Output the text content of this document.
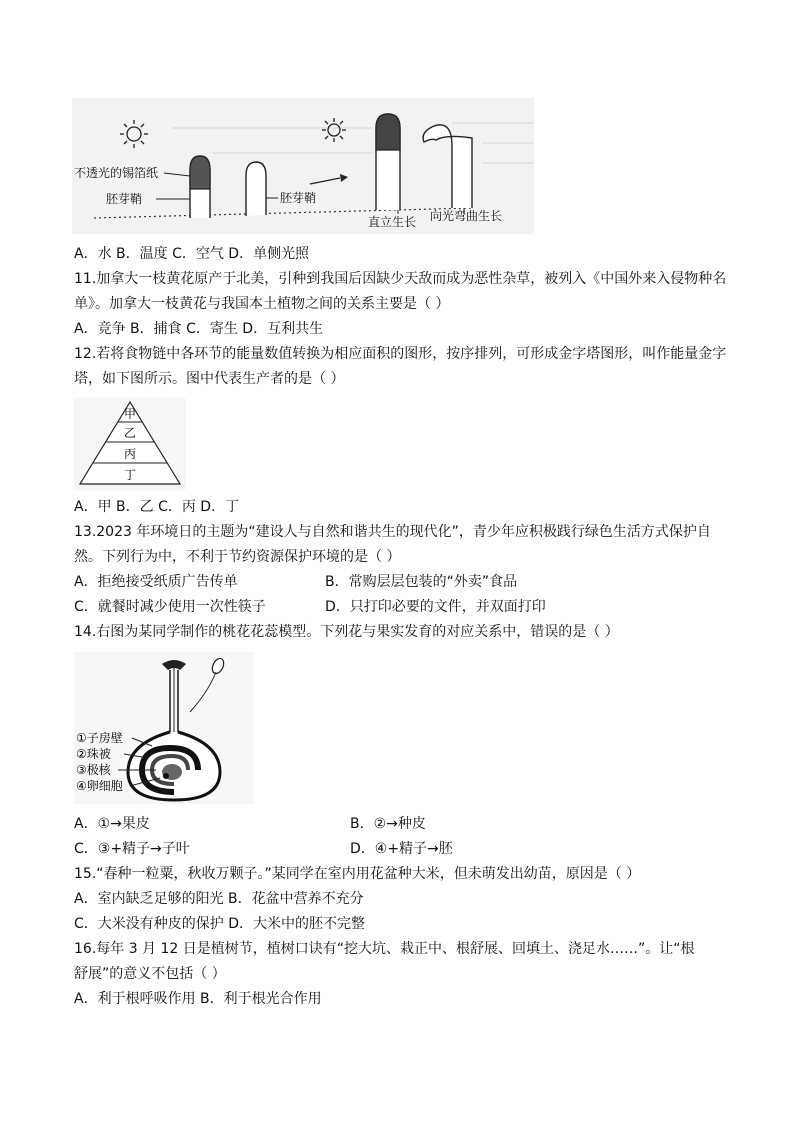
不透光的锡箔纸
胚芽鞘	胚芽鞘
直立生长 向光弯曲生长
A．水 B．温度 C．空气 D．单侧光照
11.加拿大一枝黄花原产于北美，引种到我国后因缺少天敌而成为恶性杂草，被列入《中国外来入侵物种名
单》。加拿大一枝黄花与我国本土植物之间的关系主要是（ ）
A．竞争 B．捕食 C．寄生 D．互利共生
12.若将食物链中各环节的能量数值转换为相应面积的图形，按序排列，可形成金字塔图形，叫作能量金字
塔，如下图所示。图中代表生产者的是（ ）
甲
乙
丙
丁
A．甲 B．乙 C．丙 D．丁
13.2023 年环境日的主题为“建设人与自然和谐共生的现代化”，青少年应积极践行绿色生活方式保护自
然。下列行为中，不利于节约资源保护环境的是（ ）
A．拒绝接受纸质广告传单	B．常购层层包装的“外卖”食品
C．就餐时减少使用一次性筷子	D．只打印必要的文件，并双面打印
14.右图为某同学制作的桃花花蕊模型。下列花与果实发育的对应关系中，错误的是（ ）
①子房壁
②珠被
③极核
④卵细胞
A．①→果皮	B．②→种皮
C．③+精子→子叶	D．④+精子→胚
15.“春种一粒粟，秋收万颗子。”某同学在室内用花盆种大米，但未萌发出幼苗，原因是（ ）
A．室内缺乏足够的阳光 B．花盆中营养不充分
C．大米没有种皮的保护 D．大米中的胚不完整
16.每年 3 月 12 日是植树节，植树口诀有“挖大坑、栽正中、根舒展、回填土、浇足水……”。让“根
舒展”的意义不包括（ ）
A．利于根呼吸作用 B．利于根光合作用
